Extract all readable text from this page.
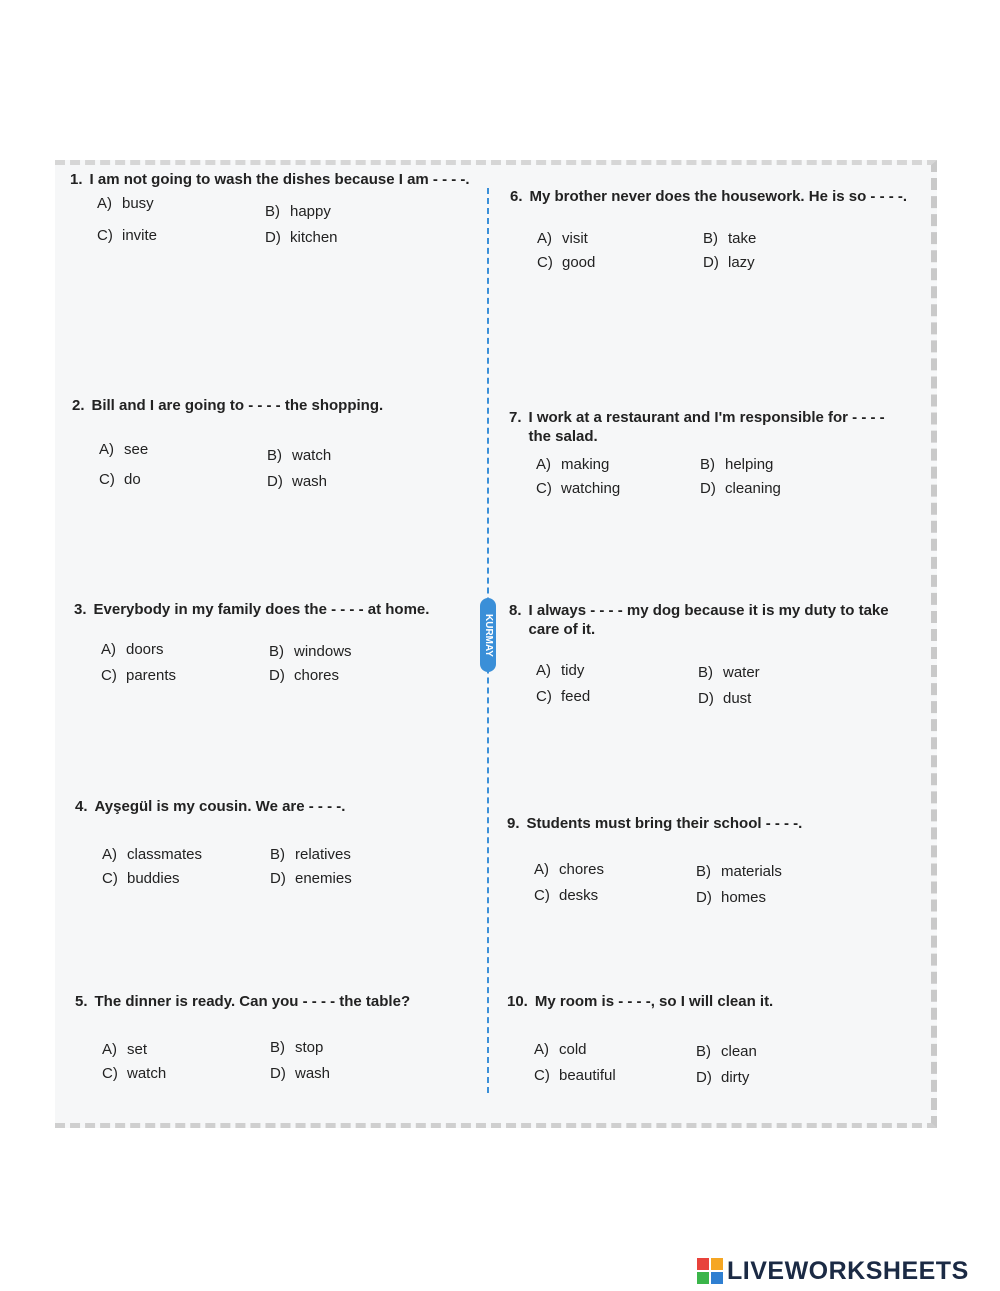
KURMAY
1. I am not going to wash the dishes because I am - - - -.
A) busy	B) happy
C) invite	D) kitchen
2. Bill and I are going to - - - - the shopping.
A) see	B) watch
C) do	D) wash
3. Everybody in my family does the - - - - at home.
A) doors	B) windows
C) parents	D) chores
4. Ayşegül is my cousin. We are - - - -.
A) classmates	B) relatives
C) buddies	D) enemies
5. The dinner is ready. Can you - - - - the table?
A) set	B) stop
C) watch	D) wash
6. My brother never does the housework. He is so - - - -.
A) visit	B) take
C) good	D) lazy
7. I work at a restaurant and I'm responsible for - - - - the salad.
A) making	B) helping
C) watching	D) cleaning
8. I always - - - - my dog because it is my duty to take care of it.
A) tidy	B) water
C) feed	D) dust
9. Students must bring their school - - - -.
A) chores	B) materials
C) desks	D) homes
10. My room is - - - -, so I will clean it.
A) cold	B) clean
C) beautiful	D) dirty
LIVEWORKSHEETS
